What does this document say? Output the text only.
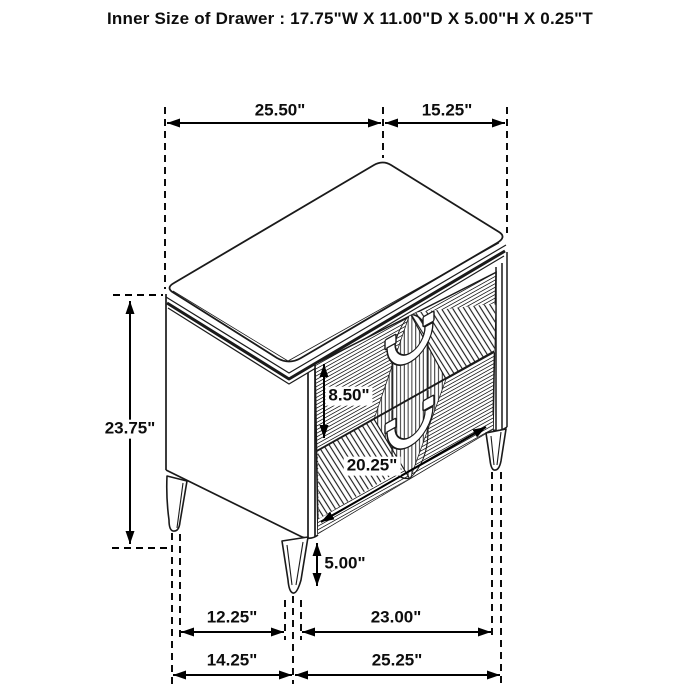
Inner Size of Drawer : 17.75"W X 11.00"D X 5.00"H X 0.25"T
25.50"	15.25"
23.75"
8.50"
20.25"
5.00"
12.25"	23.00"
14.25"	25.25"
